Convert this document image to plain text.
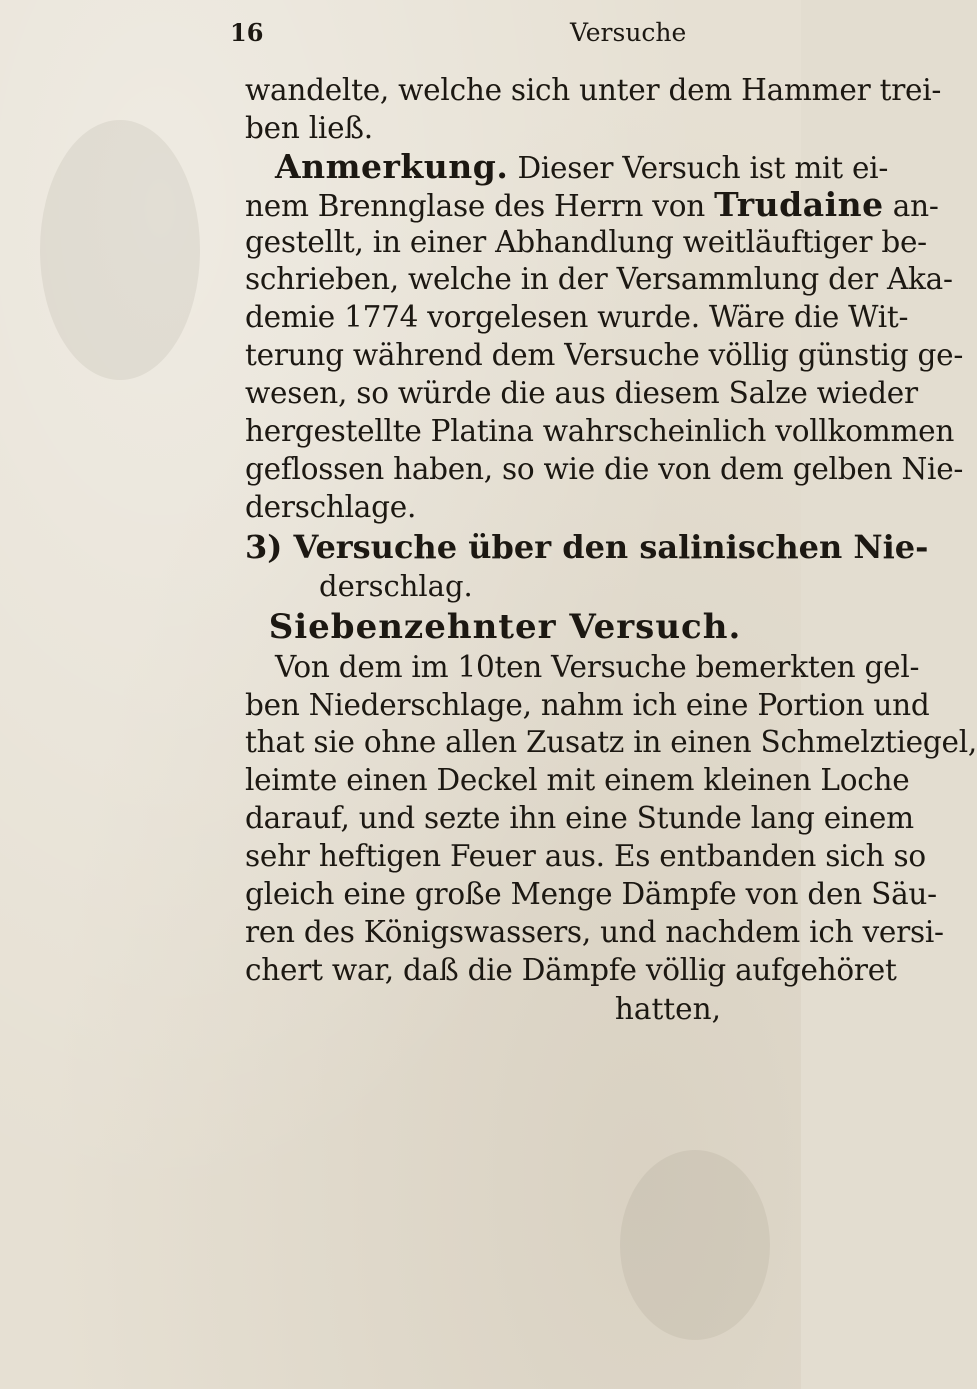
16	Versuche
wandelte, welche sich unter dem Hammer trei-
ben ließ.
Anmerkung. Dieser Versuch ist mit ei-
nem Brennglase des Herrn von Trudaine an-
gestellt, in einer Abhandlung weitläuftiger be-
schrieben, welche in der Versammlung der Aka-
demie 1774 vorgelesen wurde. Wäre die Wit-
terung während dem Versuche völlig günstig ge-
wesen, so würde die aus diesem Salze wieder
hergestellte Platina wahrscheinlich vollkommen
geflossen haben, so wie die von dem gelben Nie-
derschlage.
3) Versuche über den salinischen Nie-
derschlag.
Siebenzehnter Versuch.
Von dem im 10ten Versuche bemerkten gel-
ben Niederschlage, nahm ich eine Portion und
that sie ohne allen Zusatz in einen Schmelztiegel,
leimte einen Deckel mit einem kleinen Loche
darauf, und sezte ihn eine Stunde lang einem
sehr heftigen Feuer aus. Es entbanden sich so
gleich eine große Menge Dämpfe von den Säu-
ren des Königswassers, und nachdem ich versi-
chert war, daß die Dämpfe völlig aufgehöret
hatten,
